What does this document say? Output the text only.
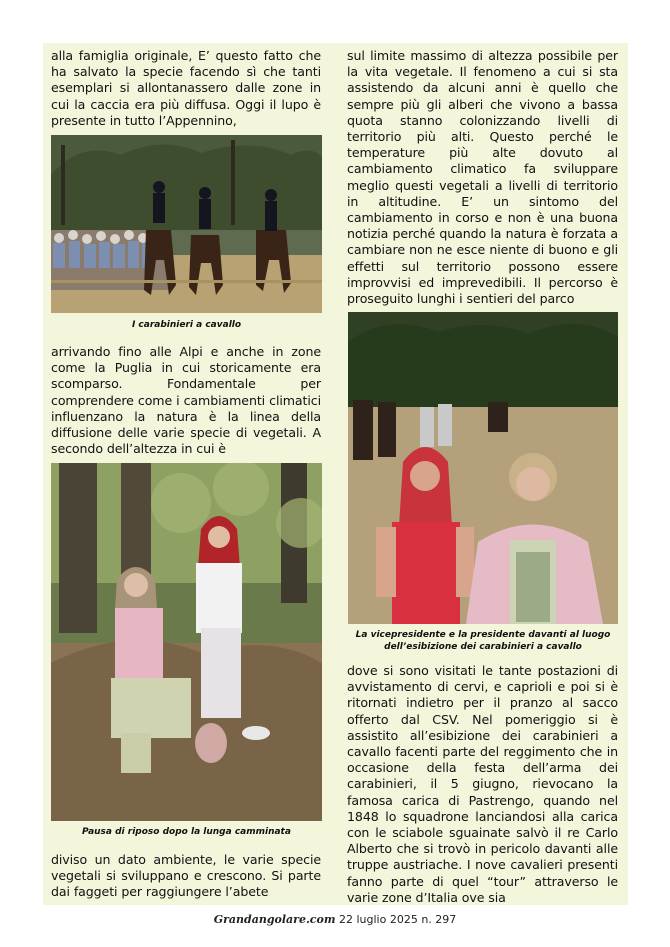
alla famiglia originale, E’ questo fatto che ha salvato la specie facendo sì che tanti esemplari si allontanassero dalle zone in cui la caccia era più diffusa. Oggi il lupo è presente in tutto l’Appennino,

I carabinieri a cavallo

arrivando fino alle Alpi e anche in zone come la Puglia in cui storicamente era scomparso. Fondamentale per comprendere come i cambiamenti climatici influenzano la natura è la linea della diffusione delle varie specie di vegetali. A secondo dell’altezza in cui è

Pausa di riposo dopo la lunga camminata

diviso un dato ambiente, le varie specie vegetali si sviluppano e crescono. Si parte dai faggeti per raggiungere l’abete

sul limite massimo di altezza possibile per la vita vegetale. Il fenomeno a cui si sta assistendo da alcuni anni è quello che sempre più gli alberi che vivono a bassa quota stanno colonizzando livelli di territorio più alti. Questo perché le temperature più alte dovuto al cambiamento climatico fa sviluppare meglio questi vegetali a livelli di territorio in altitudine. E’ un sintomo del cambiamento in corso e non è una buona notizia perché quando la natura è forzata a cambiare non ne esce niente di buono e gli effetti sul territorio possono essere improvvisi ed imprevedibili. Il percorso è proseguito lunghi i sentieri del parco

La vicepresidente e la presidente davanti al luogo
dell’esibizione dei carabinieri a cavallo

dove si sono visitati le tante postazioni di avvistamento di cervi, e caprioli e poi si è ritornati indietro per il pranzo al sacco offerto dal CSV. Nel pomeriggio si è assistito all’esibizione dei carabinieri a cavallo facenti parte del reggimento che in occasione della festa dell’arma dei carabinieri, il 5 giugno, rievocano la famosa carica di Pastrengo, quando nel 1848 lo squadrone lanciandosi alla carica con le sciabole sguainate salvò il re Carlo Alberto che si trovò in pericolo davanti alle truppe austriache. I nove cavalieri presenti fanno parte di quel “tour” attraverso le varie zone d’Italia ove sia

Grandangolare.com 22 luglio 2025 n. 297
